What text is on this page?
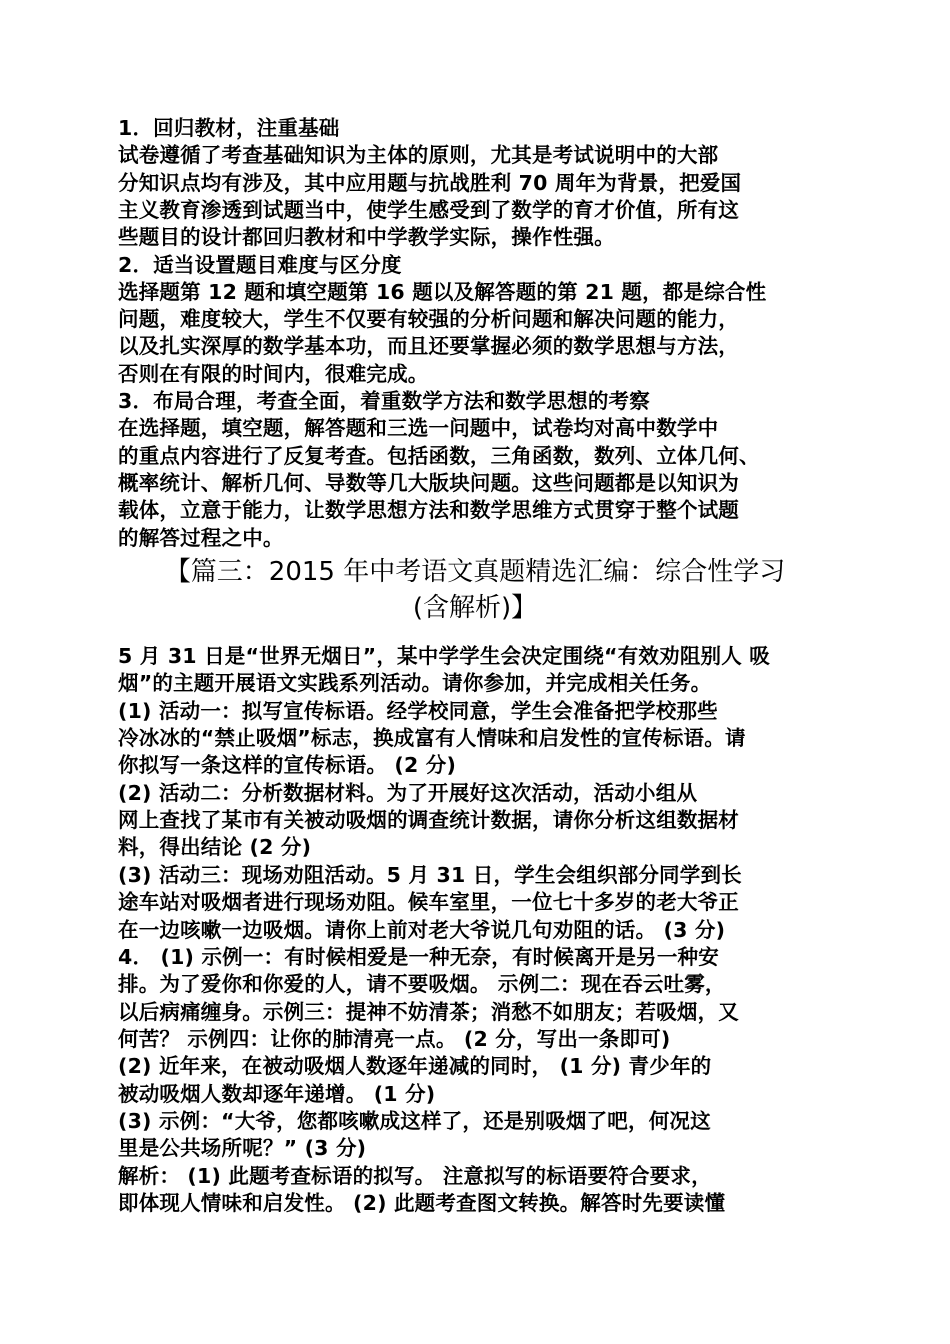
1．回归教材，注重基础
试卷遵循了考查基础知识为主体的原则，尤其是考试说明中的大部
分知识点均有涉及，其中应用题与抗战胜利 70 周年为背景，把爱国
主义教育渗透到试题当中，使学生感受到了数学的育才价值，所有这
些题目的设计都回归教材和中学教学实际，操作性强。
2．适当设置题目难度与区分度
选择题第 12 题和填空题第 16 题以及解答题的第 21 题，都是综合性
问题，难度较大，学生不仅要有较强的分析问题和解决问题的能力，
以及扎实深厚的数学基本功，而且还要掌握必须的数学思想与方法，
否则在有限的时间内，很难完成。
3．布局合理，考查全面，着重数学方法和数学思想的考察
在选择题，填空题，解答题和三选一问题中，试卷均对高中数学中
的重点内容进行了反复考查。包括函数，三角函数，数列、立体几何、
概率统计、解析几何、导数等几大版块问题。这些问题都是以知识为
载体，立意于能力，让数学思想方法和数学思维方式贯穿于整个试题
的解答过程之中。
【篇三：2015 年中考语文真题精选汇编：综合性学习
(含解析)】
5 月 31 日是“世界无烟日”，某中学学生会决定围绕“有效劝阻别人 吸
烟”的主题开展语文实践系列活动。请你参加，并完成相关任务。
(1) 活动一：拟写宣传标语。经学校同意，学生会准备把学校那些
冷冰冰的“禁止吸烟”标志，换成富有人情味和启发性的宣传标语。请
你拟写一条这样的宣传标语。 (2 分)
(2) 活动二：分析数据材料。为了开展好这次活动，活动小组从
网上查找了某市有关被动吸烟的调查统计数据，请你分析这组数据材
料，得出结论 (2 分)
(3) 活动三：现场劝阻活动。5 月 31 日，学生会组织部分同学到长
途车站对吸烟者进行现场劝阻。候车室里，一位七十多岁的老大爷正
在一边咳嗽一边吸烟。请你上前对老大爷说几句劝阻的话。 (3 分)
4． (1) 示例一：有时候相爱是一种无奈，有时候离开是另一种安
排。为了爱你和你爱的人，请不要吸烟。 示例二：现在吞云吐雾，
以后病痛缠身。示例三：提神不妨清茶；消愁不如朋友；若吸烟，又
何苦？ 示例四：让你的肺清亮一点。 (2 分，写出一条即可)
(2) 近年来，在被动吸烟人数逐年递减的同时， (1 分) 青少年的
被动吸烟人数却逐年递增。 (1 分)
(3) 示例：“大爷，您都咳嗽成这样了，还是别吸烟了吧，何况这
里是公共场所呢？” (3 分)
解析： (1) 此题考查标语的拟写。 注意拟写的标语要符合要求，
即体现人情味和启发性。 (2) 此题考查图文转换。解答时先要读懂
